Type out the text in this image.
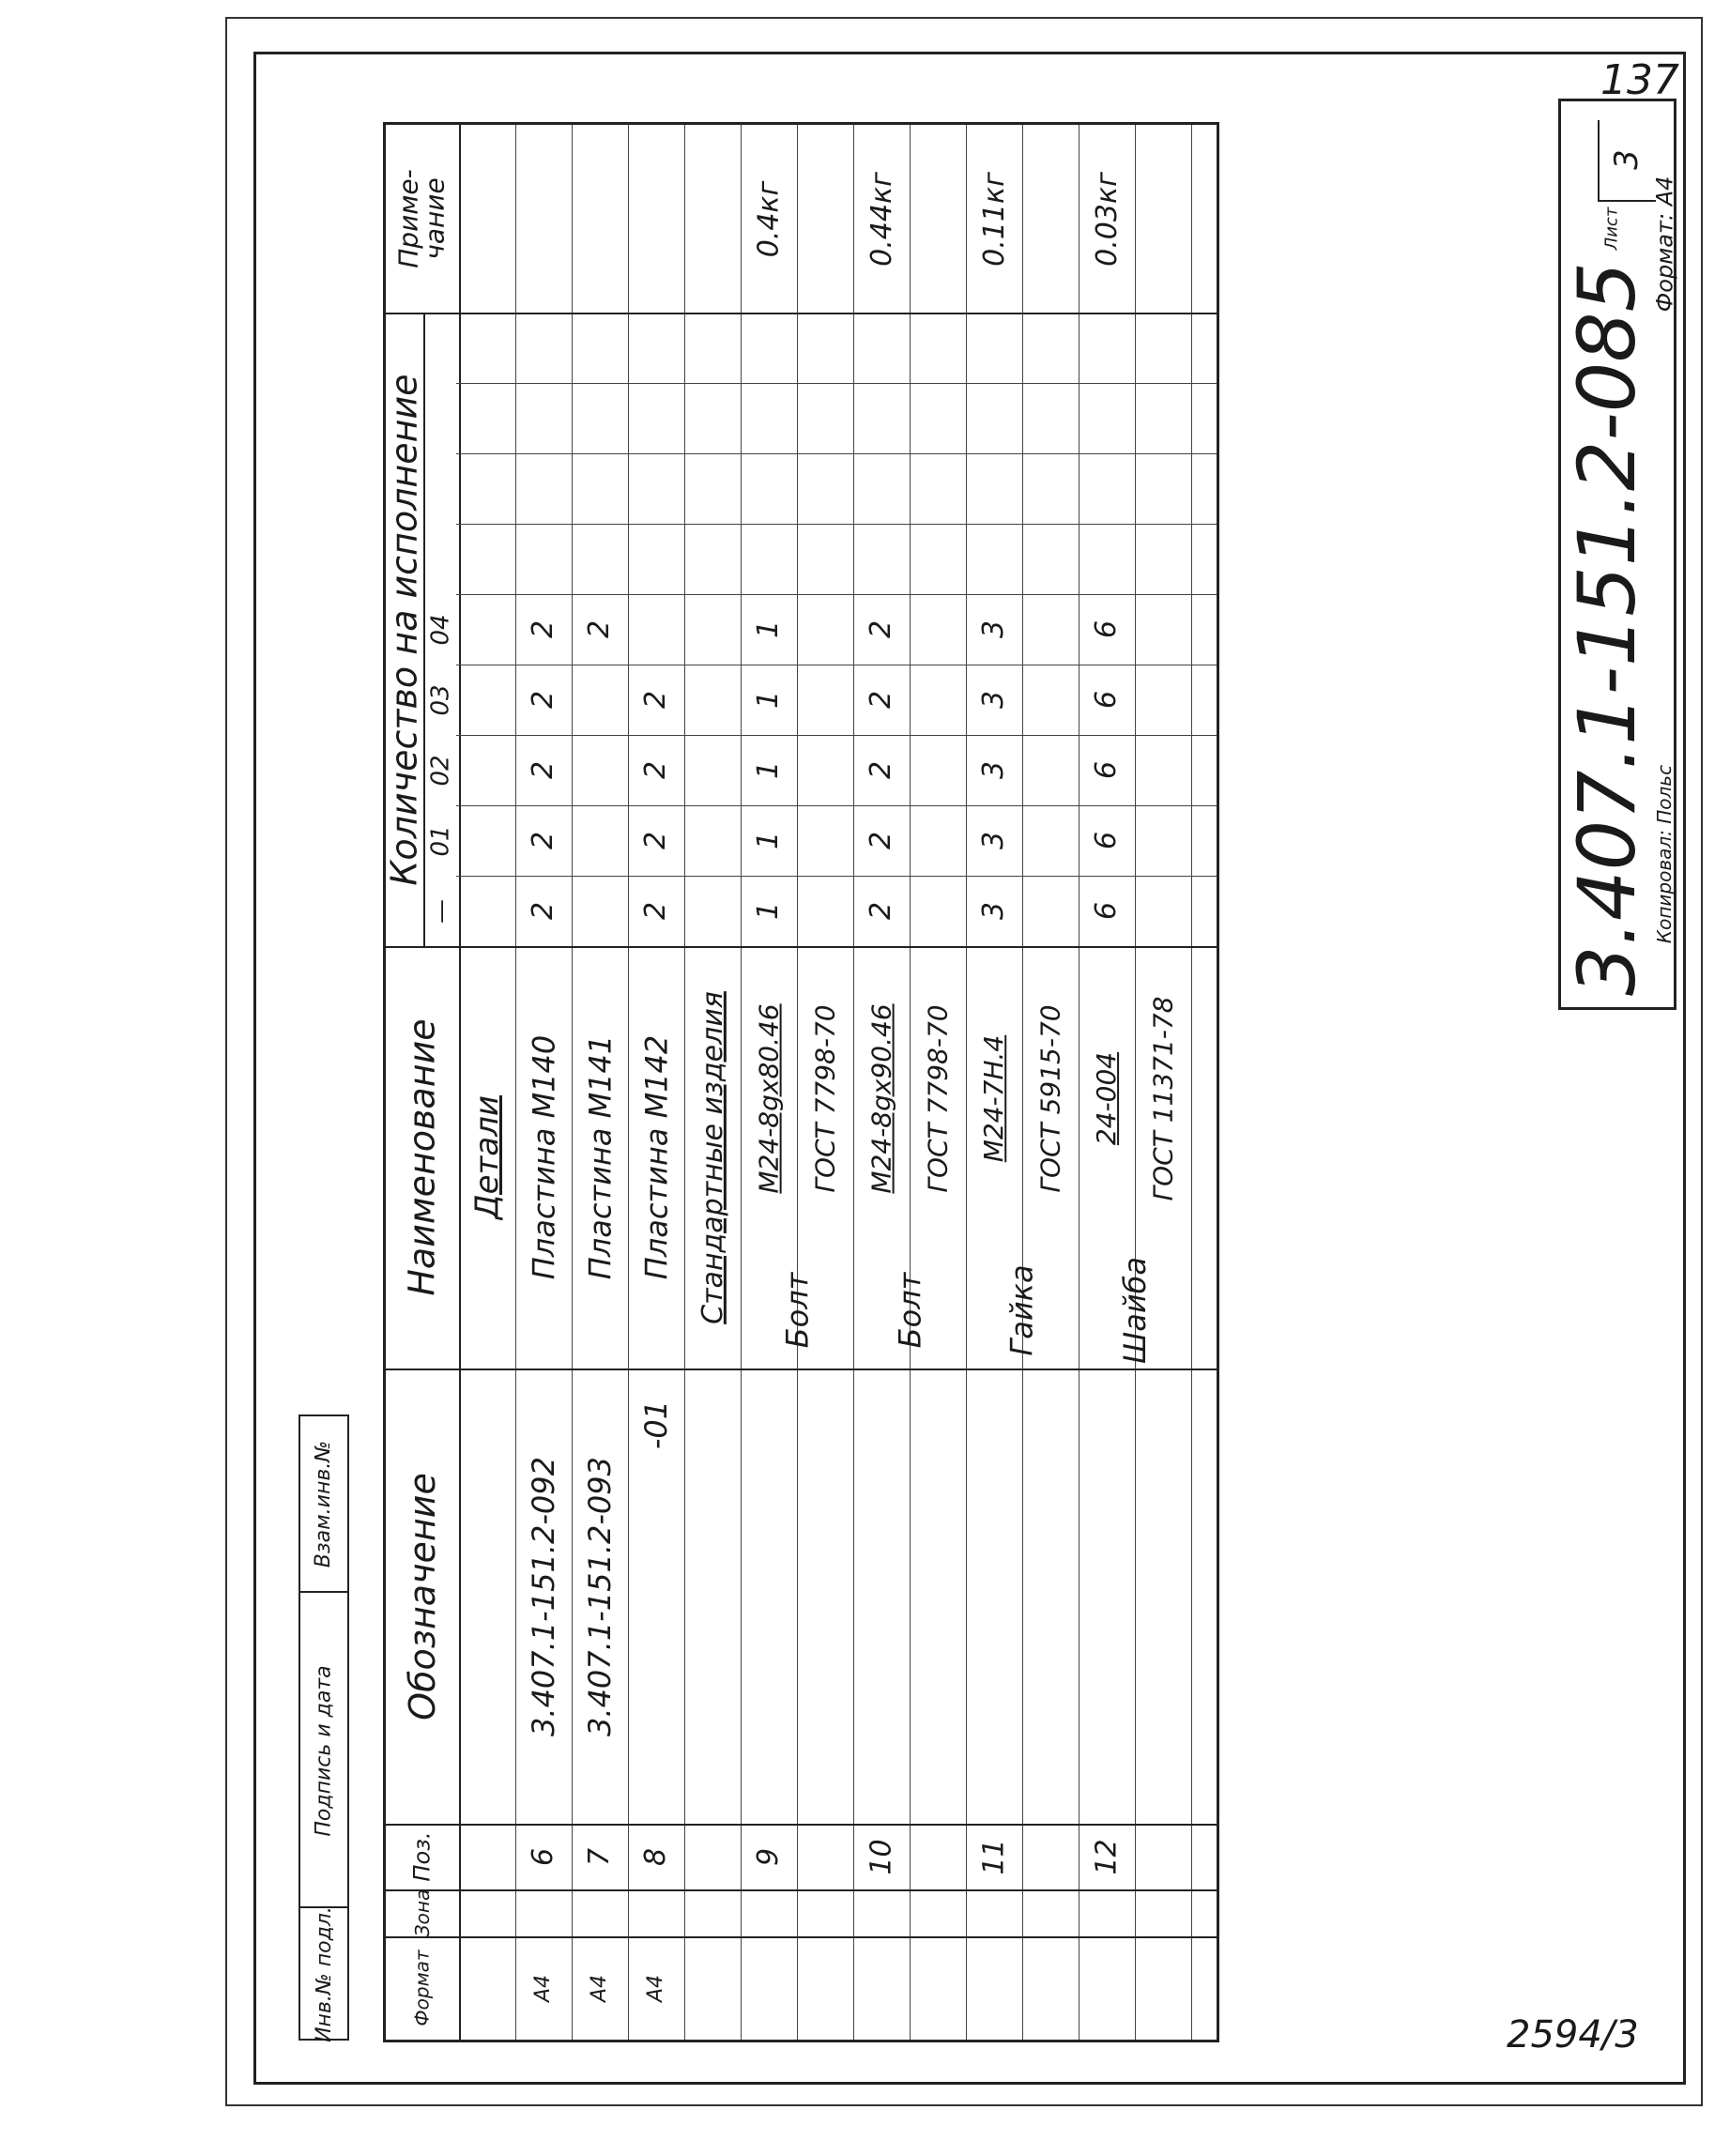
137
Инв.№ подл.
Подпись и дата
Взам.инв.№
Формат
Зона
Поз.
Обозначение
Наименование
Количество на исполнение
—
01
02
03
04
Приме-чание
Детали
А4
6
3.407.1-151.2-092
Пластина М140
2
2
2
2
2
А4
7
3.407.1-151.2-093
Пластина М141
2
А4
8
-01
Пластина М142
2
2
2
2
Стандартные изделия
9
Болт
М24-8gх80.46 ГОСТ 7798-70
1
1
1
1
1
0.4кг
10
Болт
М24-8gх90.46 ГОСТ 7798-70
2
2
2
2
2
0.44кг
11
Гайка
М24-7Н.4 ГОСТ 5915-70
3
3
3
3
3
0.11кг
12
Шайба
24-004 ГОСТ 11371-78
6
6
6
6
6
0.03кг	Лист
3
3.407.1-151.2-085 Копировал: Польс
Формат: А4
2594/3
